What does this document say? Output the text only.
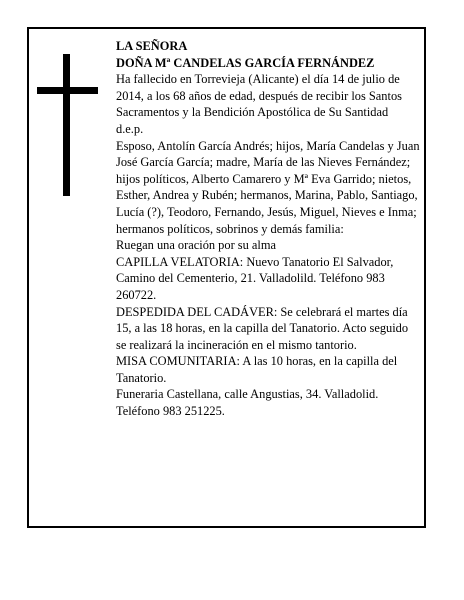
LA SEÑORA

DOÑA Mª CANDELAS GARCÍA FERNÁNDEZ

Ha fallecido en Torrevieja (Alicante) el día 14 de julio de 2014, a los 68 años de edad, después de recibir los Santos Sacramentos y la Bendición Apostólica de Su Santidad

d.e.p.

Esposo, Antolín García Andrés; hijos, María Candelas y Juan José García García; madre, María de las Nieves Fernández; hijos políticos, Alberto Camarero y Mª Eva Garrido; nietos, Esther, Andrea y Rubén; hermanos, Marina, Pablo, Santiago, Lucía (?), Teodoro, Fernando, Jesús, Miguel, Nieves e Inma; hermanos políticos, sobrinos y demás familia:

Ruegan una oración por su alma

CAPILLA VELATORIA: Nuevo Tanatorio El Salvador, Camino del Cementerio, 21. Valladolild. Teléfono 983 260722.

DESPEDIDA DEL CADÁVER: Se celebrará el martes día 15, a las 18 horas, en la capilla del Tanatorio. Acto seguido se realizará la incineración en el mismo tantorio.

MISA COMUNITARIA: A las 10 horas, en la capilla del Tanatorio.

Funeraria Castellana, calle Angustias, 34. Valladolid. Teléfono 983 251225.
